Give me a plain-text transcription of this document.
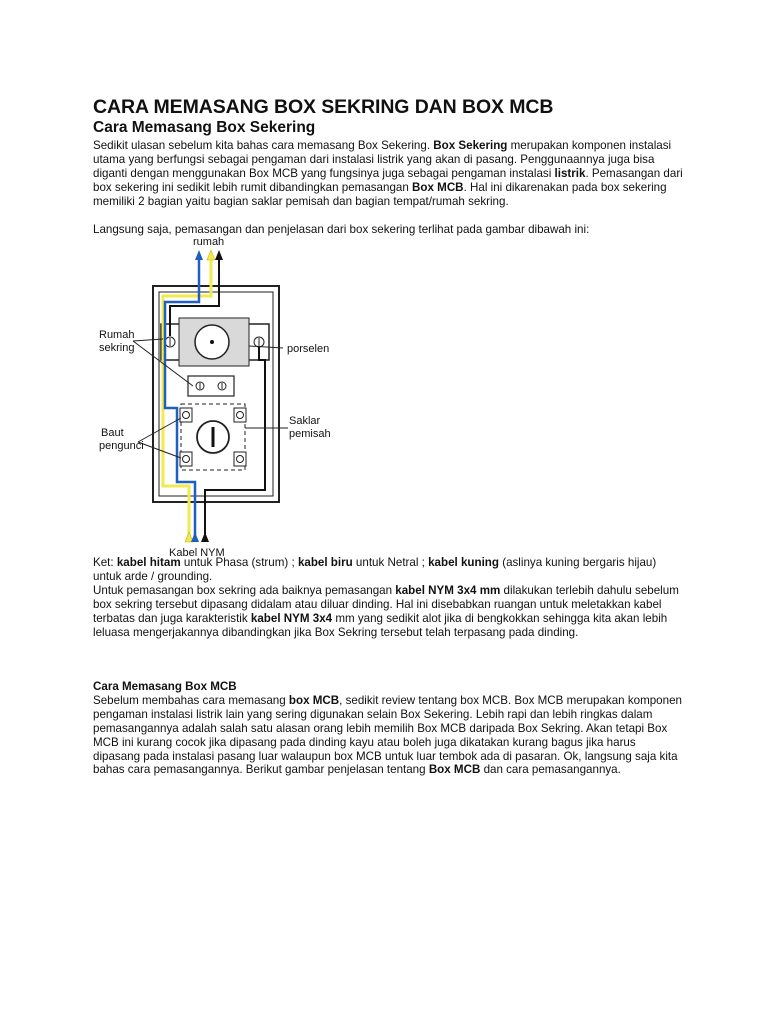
CARA MEMASANG BOX SEKRING DAN BOX MCB
Cara Memasang Box Sekering

Sedikit ulasan sebelum kita bahas cara memasang Box Sekering. Box Sekering merupakan komponen instalasi utama yang berfungsi sebagai pengaman dari instalasi listrik yang akan di pasang. Penggunaannya juga bisa diganti dengan menggunakan Box MCB yang fungsinya juga sebagai pengaman instalasi listrik. Pemasangan dari box sekering ini sedikit lebih rumit dibandingkan pemasangan Box MCB. Hal ini dikarenakan pada box sekering memiliki 2 bagian yaitu bagian saklar pemisah dan bagian tempat/rumah sekring.

Langsung saja, pemasangan dan penjelasan dari box sekering terlihat pada gambar dibawah ini:

rumah
Rumah
sekring	porselen
Saklar
pemisah
Baut
pengunci
Kabel NYM

Ket: kabel hitam untuk Phasa (strum) ; kabel biru untuk Netral ; kabel kuning (aslinya kuning bergaris hijau) untuk arde / grounding.

Untuk pemasangan box sekring ada baiknya pemasangan kabel NYM 3x4 mm dilakukan terlebih dahulu sebelum box sekring tersebut dipasang didalam atau diluar dinding. Hal ini disebabkan ruangan untuk meletakkan kabel terbatas dan juga karakteristik kabel NYM 3x4 mm yang sedikit alot jika di bengkokkan sehingga kita akan lebih leluasa mengerjakannya dibandingkan jika Box Sekring tersebut telah terpasang pada dinding.

Cara Memasang Box MCB

Sebelum membahas cara memasang box MCB, sedikit review tentang box MCB. Box MCB merupakan komponen pengaman instalasi listrik lain yang sering digunakan selain Box Sekering. Lebih rapi dan lebih ringkas dalam pemasangannya adalah salah satu alasan orang lebih memilih Box MCB daripada Box Sekring. Akan tetapi Box MCB ini kurang cocok jika dipasang pada dinding kayu atau boleh juga dikatakan kurang bagus jika harus dipasang pada instalasi pasang luar walaupun box MCB untuk luar tembok ada di pasaran. Ok, langsung saja kita bahas cara pemasangannya. Berikut gambar penjelasan tentang Box MCB dan cara pemasangannya.
